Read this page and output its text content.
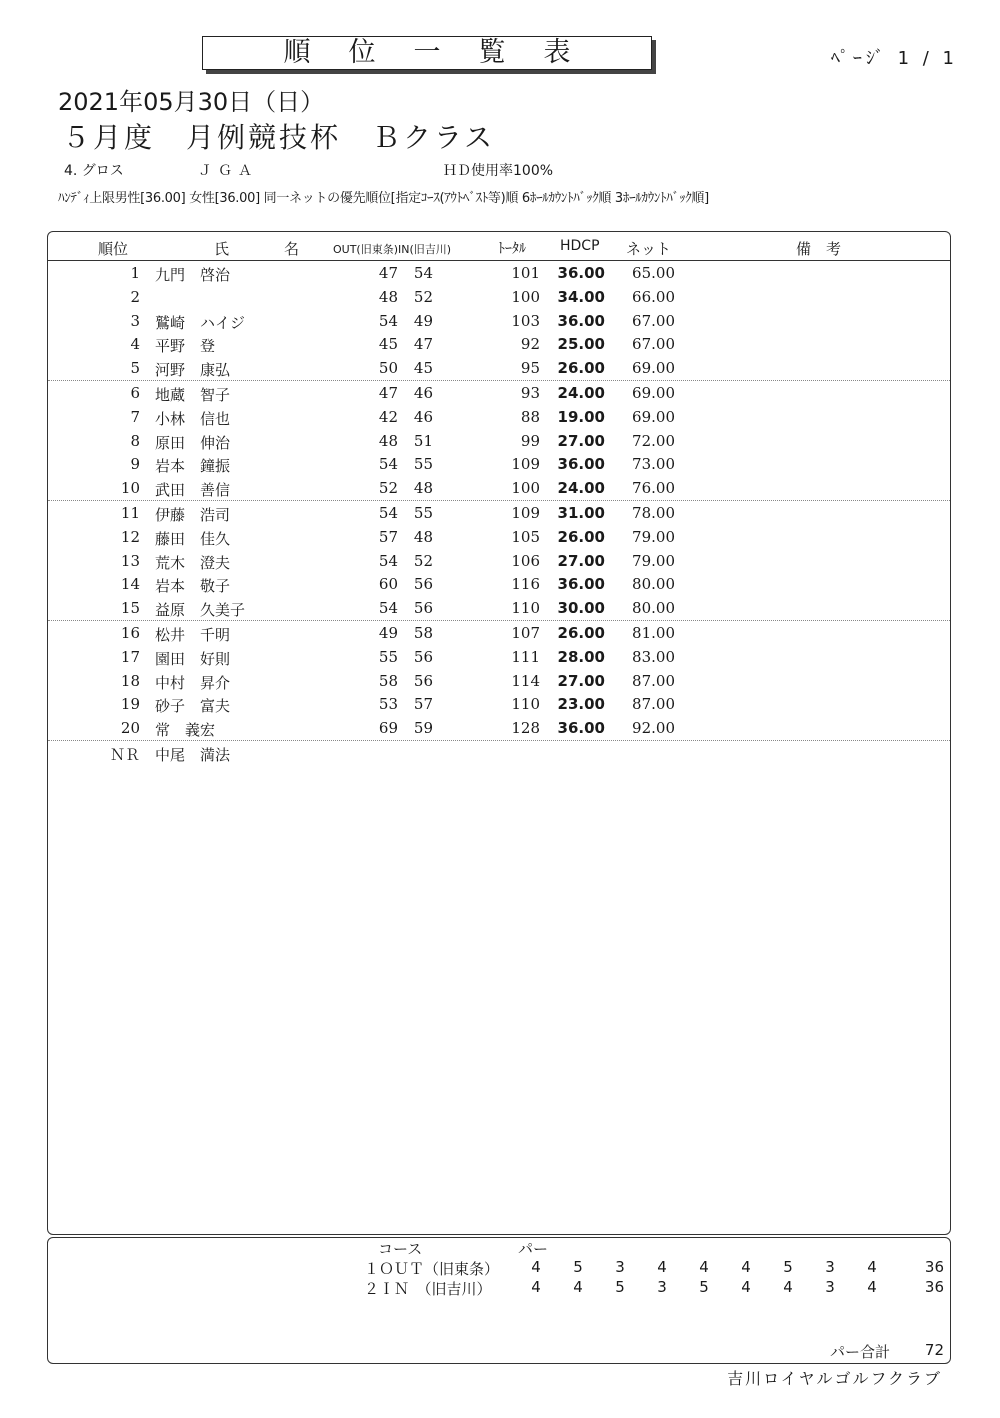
順位一覧表	ﾍﾟｰｼﾞ 1 / 1
2021年05月30日（日）
５月度　月例競技杯　Ｂクラス
4. グロス	ＪＧＡ	ＨＤ使用率100%
ﾊﾝﾃﾞｨ上限男性[36.00] 女性[36.00] 同一ネットの優先順位[指定ｺｰｽ(ｱｳﾄﾍﾞｽﾄ等)順 6ﾎｰﾙｶｳﾝﾄﾊﾞｯｸ順 3ﾎｰﾙｶｳﾝﾄﾊﾞｯｸ順]
順位	氏	名	OUT(旧東条)IN(旧吉川)	ﾄｰﾀﾙ HDCP ネット	備　考
1 九門　啓治	47	54	101	36.00	65.00
2	48	52	100	34.00	66.00
3 鷲崎　ハイジ	54	49	103	36.00	67.00
4 平野　登	45	47	92	25.00	67.00
5 河野　康弘	50	45	95	26.00	69.00
6 地蔵　智子	47	46	93	24.00	69.00
7 小林　信也	42	46	88	19.00	69.00
8 原田　伸治	48	51	99	27.00	72.00
9 岩本　鐘振	54	55	109	36.00	73.00
10 武田　善信	52	48	100	24.00	76.00
11 伊藤　浩司	54	55	109	31.00	78.00
12 藤田　佳久	57	48	105	26.00	79.00
13 荒木　澄夫	54	52	106	27.00	79.00
14 岩本　敬子	60	56	116	36.00	80.00
15 益原　久美子	54	56	110	30.00	80.00
16 松井　千明	49	58	107	26.00	81.00
17 園田　好則	55	56	111	28.00	83.00
18 中村　昇介	58	56	114	27.00	87.00
19 砂子　富夫	53	57	110	23.00	87.00
20 常　義宏	69	59	128	36.00	92.00
ＮＲ 中尾　満法
コース	パー
１ＯＵＴ（旧東条）	4	5	3	4	4	4	5	3	4	36
２ＩＮ　（旧吉川）	4	4	5	3	5	4	4	3	4	36
パー合計	72
吉川ロイヤルゴルフクラブ
